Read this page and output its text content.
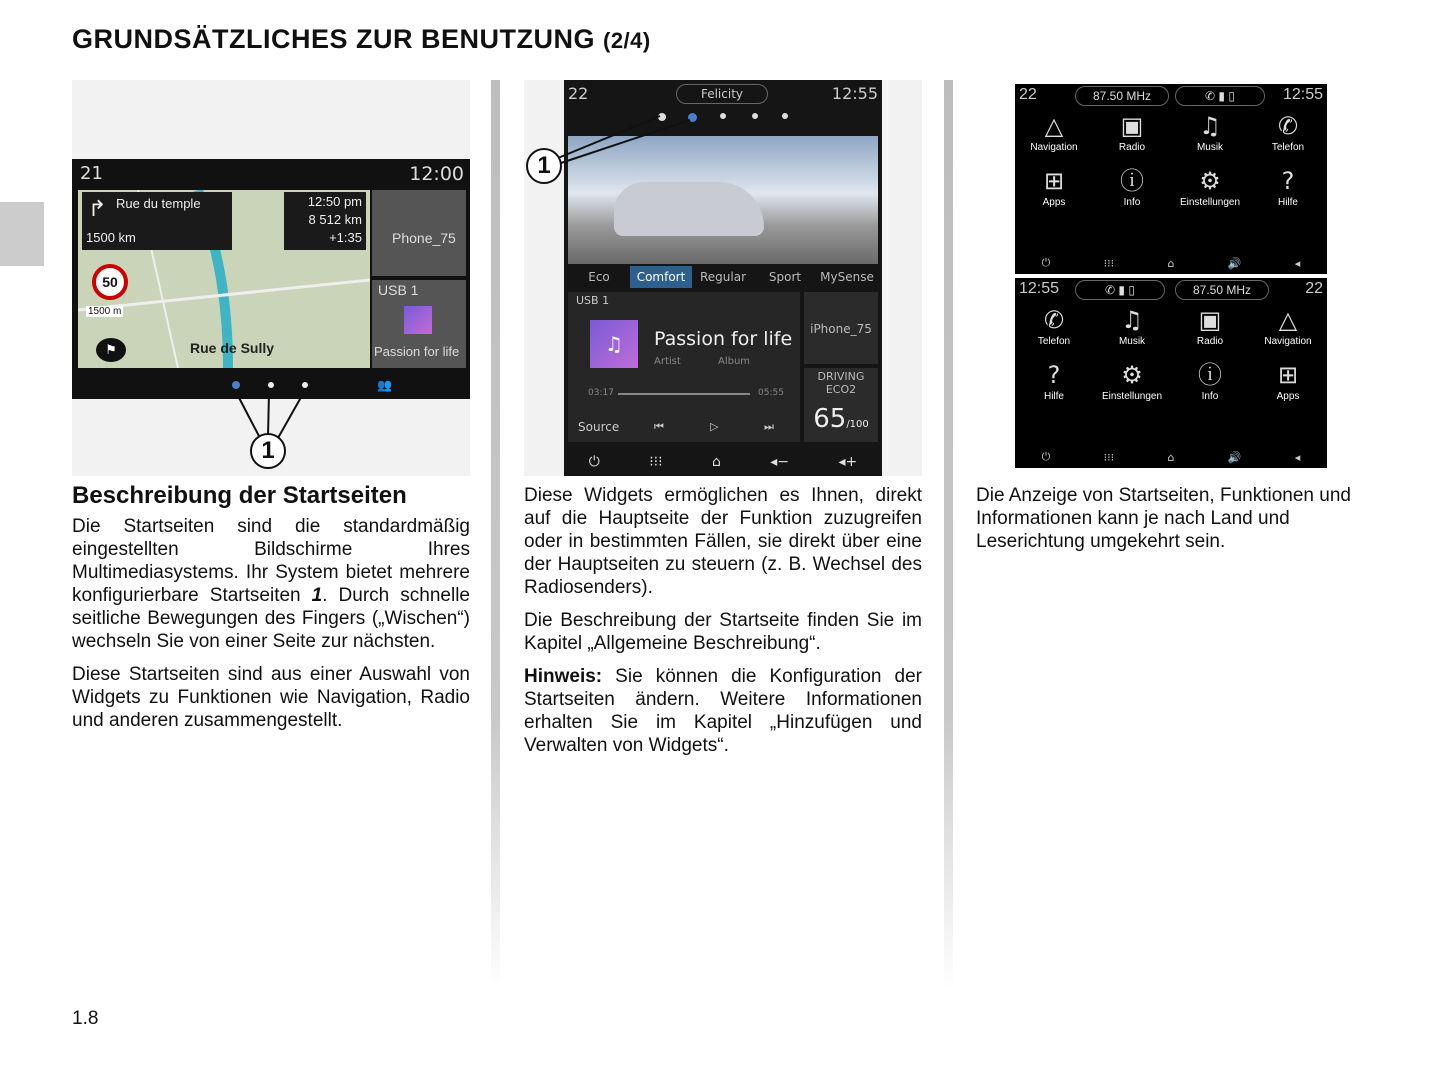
GRUNDSÄTZLICHES ZUR BENUTZUNG (2/4)
21	12:00
↱ Rue du temple
1500 km
12:50 pm
8 512 km
+1:35
50
1500 m
⚑	Rue de Sully
Phone_75
USB 1
Passion for life
👥
1
22	Felicity	12:55
Eco	Comfort	Regular	Sport	MySense
USB 1
♫	Passion for life
Artist	Album
03:17	05:55
Source	⏮	▷	⏭
iPhone_75
DRIVING ECO2
65/100
⏻	⁝⁝⁝	⌂	◂−	◂+
1
22	87.50 MHz	✆ ▮ ▯	12:55
△
Navigation
▣
Radio
♫
Musik
✆
Telefon
⊞
Apps
ⓘ
Info
⚙
Einstellungen
?
Hilfe
⏻	⁝⁝⁝	⌂	🔊	◂
12:55	✆ ▮ ▯	87.50 MHz	22
✆
Telefon
♫
Musik
▣
Radio
△
Navigation
?
Hilfe
⚙
Einstellungen
ⓘ
Info
⊞
Apps
⏻	⁝⁝⁝	⌂	🔊	◂
Beschreibung der Startseiten

Die Startseiten sind die standardmäßig eingestellten Bildschirme Ihres Multimediasystems. Ihr System bietet mehrere konfigurierbare Startseiten 1. Durch schnelle seitliche Bewegungen des Fingers („Wischen“) wechseln Sie von einer Seite zur nächsten.

Diese Startseiten sind aus einer Auswahl von Widgets zu Funktionen wie Navigation, Radio und anderen zusammengestellt.

Diese Widgets ermöglichen es Ihnen, direkt auf die Hauptseite der Funktion zuzugreifen oder in bestimmten Fällen, sie direkt über eine der Hauptseiten zu steuern (z. B. Wechsel des Radiosenders).

Die Beschreibung der Startseite finden Sie im Kapitel „Allgemeine Beschreibung“.

Hinweis: Sie können die Konfiguration der Startseiten ändern. Weitere Informationen erhalten Sie im Kapitel „Hinzufügen und Verwalten von Widgets“.

Die Anzeige von Startseiten, Funktionen und Informationen kann je nach Land und Leserichtung umgekehrt sein.

1.8
